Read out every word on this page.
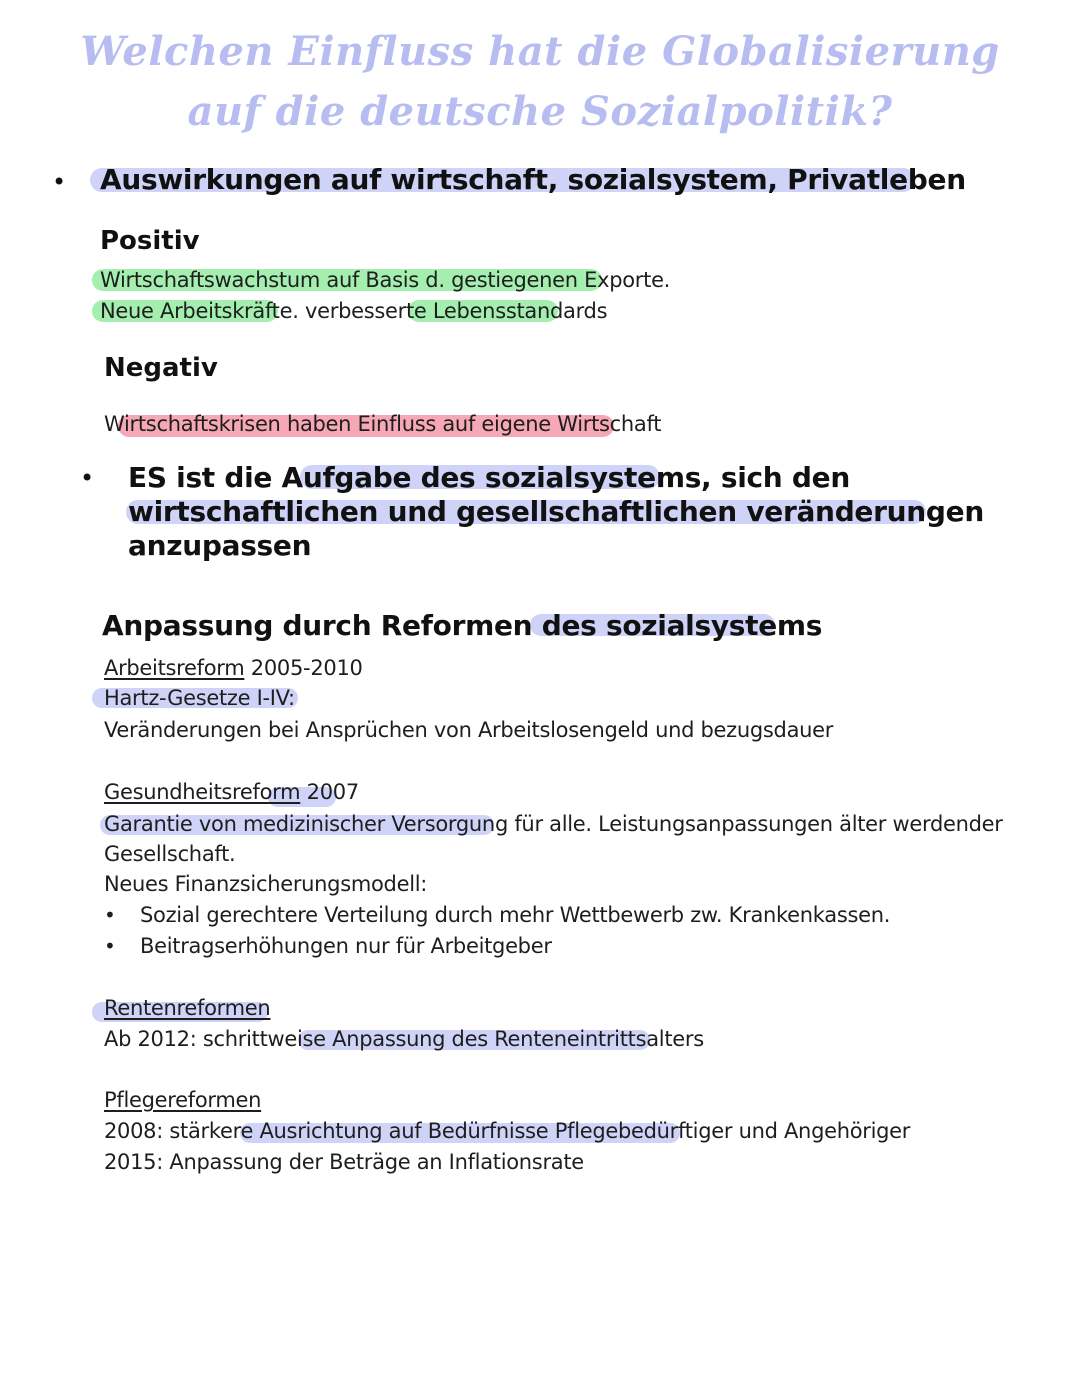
Welchen Einfluss hat die Globalisierung
auf die deutsche Sozialpolitik?
• Auswirkungen auf wirtschaft, sozialsystem, Privatleben
Positiv
Wirtschaftswachstum auf Basis d. gestiegenen Exporte.
Neue Arbeitskräfte. verbesserte Lebensstandards
Negativ
Wirtschaftskrisen haben Einfluss auf eigene Wirtschaft
• ES ist die Aufgabe des sozialsystems, sich den
wirtschaftlichen und gesellschaftlichen veränderungen
anzupassen
Anpassung durch Reformen des sozialsystems
Arbeitsreform 2005-2010
Hartz-Gesetze I-IV:
Veränderungen bei Ansprüchen von Arbeitslosengeld und bezugsdauer
Gesundheitsreform 2007
Garantie von medizinischer Versorgung für alle. Leistungsanpassungen älter werdender
Gesellschaft.
Neues Finanzsicherungsmodell:
• Sozial gerechtere Verteilung durch mehr Wettbewerb zw. Krankenkassen.
• Beitragserhöhungen nur für Arbeitgeber
Rentenreformen
Ab 2012: schrittweise Anpassung des Renteneintrittsalters
Pflegereformen
2008: stärkere Ausrichtung auf Bedürfnisse Pflegebedürftiger und Angehöriger
2015: Anpassung der Beträge an Inflationsrate
